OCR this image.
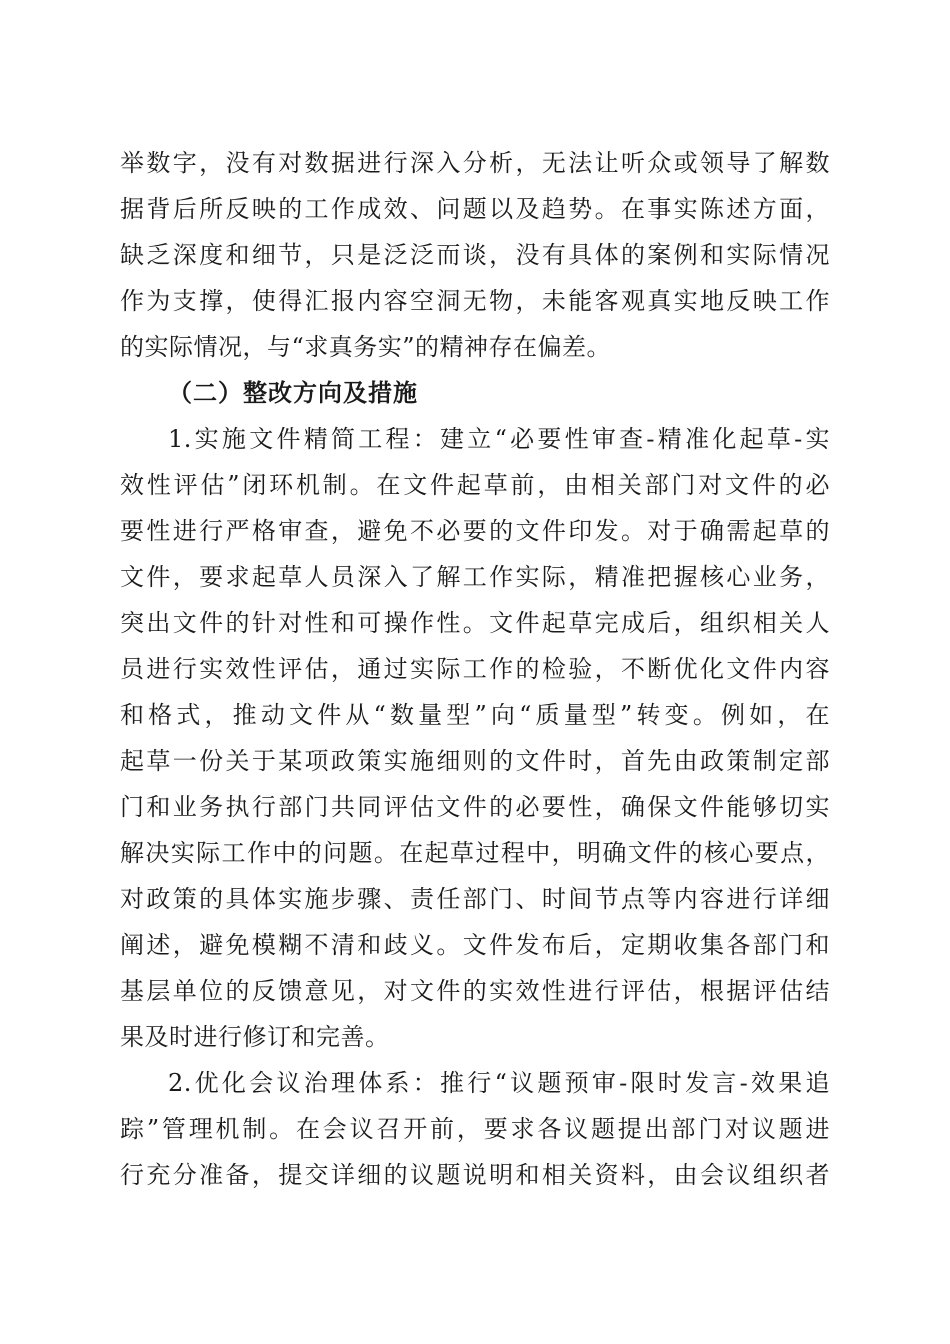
举数字，没有对数据进行深入分析，无法让听众或领导了解数
据背后所反映的工作成效、问题以及趋势。在事实陈述方面，
缺乏深度和细节，只是泛泛而谈，没有具体的案例和实际情况
作为支撑，使得汇报内容空洞无物，未能客观真实地反映工作
的实际情况，与“求真务实”的精神存在偏差。
（二）整改方向及措施
1.实施文件精简工程：建立“必要性审查-精准化起草-实
效性评估”闭环机制。在文件起草前，由相关部门对文件的必
要性进行严格审查，避免不必要的文件印发。对于确需起草的
文件，要求起草人员深入了解工作实际，精准把握核心业务，
突出文件的针对性和可操作性。文件起草完成后，组织相关人
员进行实效性评估，通过实际工作的检验，不断优化文件内容
和格式，推动文件从“数量型”向“质量型”转变。例如，在
起草一份关于某项政策实施细则的文件时，首先由政策制定部
门和业务执行部门共同评估文件的必要性，确保文件能够切实
解决实际工作中的问题。在起草过程中，明确文件的核心要点，
对政策的具体实施步骤、责任部门、时间节点等内容进行详细
阐述，避免模糊不清和歧义。文件发布后，定期收集各部门和
基层单位的反馈意见，对文件的实效性进行评估，根据评估结
果及时进行修订和完善。
2.优化会议治理体系：推行“议题预审-限时发言-效果追
踪”管理机制。在会议召开前，要求各议题提出部门对议题进
行充分准备，提交详细的议题说明和相关资料，由会议组织者
